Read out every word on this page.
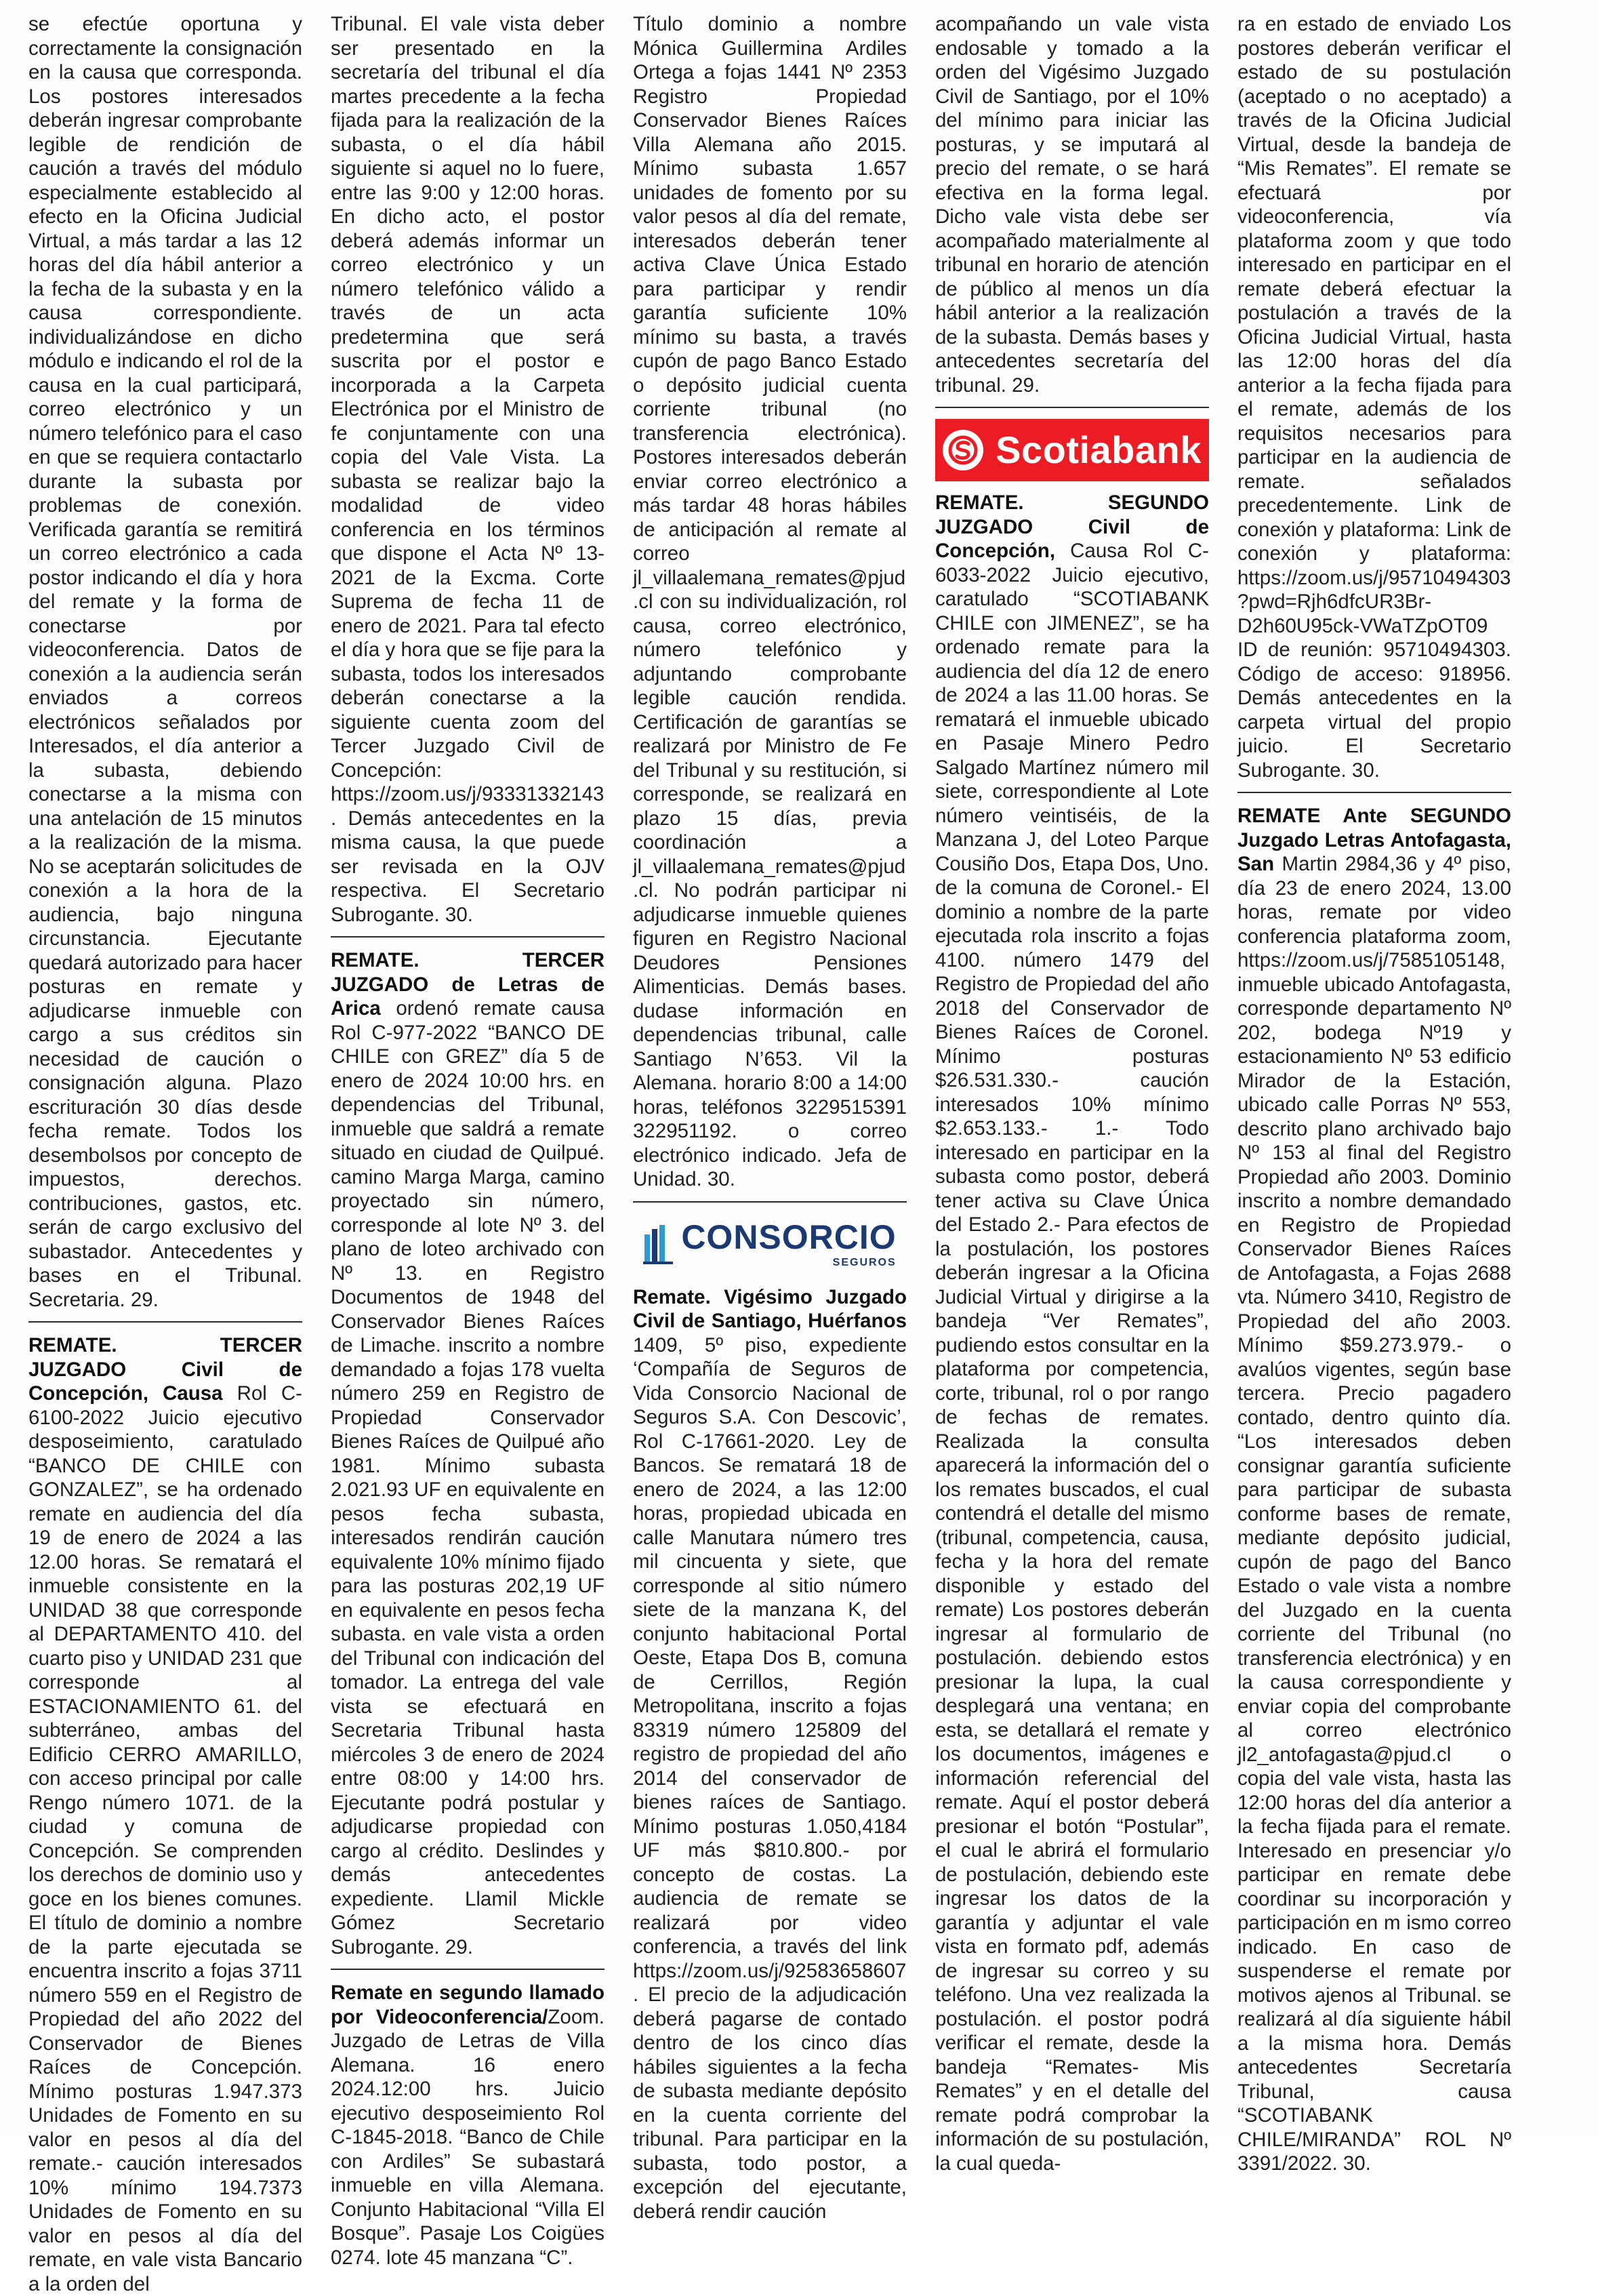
se efectúe oportuna y correctamente la consignación en la causa que corresponda. Los postores interesados deberán ingresar comprobante legible de rendición de caución a través del módulo especialmente establecido al efecto en la Oficina Judicial Virtual, a más tardar a las 12 horas del día hábil anterior a la fecha de la subasta y en la causa correspondiente. individualizándose en dicho módulo e indicando el rol de la causa en la cual participará, correo electrónico y un número telefónico para el caso en que se requiera contactarlo durante la subasta por problemas de conexión. Verificada garantía se remitirá un correo electrónico a cada postor indicando el día y hora del remate y la forma de conectarse por videoconferencia. Datos de conexión a la audiencia serán enviados a correos electrónicos señalados por Interesados, el día anterior a la subasta, debiendo conectarse a la misma con una antelación de 15 minutos a la realización de la misma. No se aceptarán solicitudes de conexión a la hora de la audiencia, bajo ninguna circunstancia. Ejecutante quedará autorizado para hacer posturas en remate y adjudicarse inmueble con cargo a sus créditos sin necesidad de caución o consignación alguna. Plazo escrituración 30 días desde fecha remate. Todos los desembolsos por concepto de impuestos, derechos. contribuciones, gastos, etc. serán de cargo exclusivo del subastador. Antecedentes y bases en el Tribunal. Secretaria. 29.

REMATE. TERCER JUZGADO Civil de Concepción, Causa Rol C-6100-2022 Juicio ejecutivo desposeimiento, caratulado “BANCO DE CHILE con GONZALEZ”, se ha ordenado remate en audiencia del día 19 de enero de 2024 a las 12.00 horas. Se rematará el inmueble consistente en la UNIDAD 38 que corresponde al DEPARTAMENTO 410. del cuarto piso y UNIDAD 231 que corresponde al ESTACIONAMIENTO 61. del subterráneo, ambas del Edificio CERRO AMARILLO, con acceso principal por calle Rengo número 1071. de la ciudad y comuna de Concepción. Se comprenden los derechos de dominio uso y goce en los bienes comunes. El título de dominio a nombre de la parte ejecutada se encuentra inscrito a fojas 3711 número 559 en el Registro de Propiedad del año 2022 del Conservador de Bienes Raíces de Concepción. Mínimo posturas 1.947.373 Unidades de Fomento en su valor en pesos al día del remate.- caución interesados 10% mínimo 194.7373 Unidades de Fomento en su valor en pesos al día del remate, en vale vista Bancario a la orden del

Tribunal. El vale vista deber ser presentado en la secretaría del tribunal el día martes precedente a la fecha fijada para la realización de la subasta, o el día hábil siguiente si aquel no lo fuere, entre las 9:00 y 12:00 horas. En dicho acto, el postor deberá además informar un correo electrónico y un número telefónico válido a través de un acta predetermina que será suscrita por el postor e incorporada a la Carpeta Electrónica por el Ministro de fe conjuntamente con una copia del Vale Vista. La subasta se realizar bajo la modalidad de video conferencia en los términos que dispone el Acta Nº 13-2021 de la Excma. Corte Suprema de fecha 11 de enero de 2021. Para tal efecto el día y hora que se fije para la subasta, todos los interesados deberán conectarse a la siguiente cuenta zoom del Tercer Juzgado Civil de Concepción: https://zoom.us/j/93331332143. Demás antecedentes en la misma causa, la que puede ser revisada en la OJV respectiva. El Secretario Subrogante. 30.

REMATE. TERCER JUZGADO de Letras de Arica ordenó remate causa Rol C-977-2022 “BANCO DE CHILE con GREZ” día 5 de enero de 2024 10:00 hrs. en dependencias del Tribunal, inmueble que saldrá a remate situado en ciudad de Quilpué. camino Marga Marga, camino proyectado sin número, corresponde al lote Nº 3. del plano de loteo archivado con Nº 13. en Registro Documentos de 1948 del Conservador Bienes Raíces de Limache. inscrito a nombre demandado a fojas 178 vuelta número 259 en Registro de Propiedad Conservador Bienes Raíces de Quilpué año 1981. Mínimo subasta 2.021.93 UF en equivalente en pesos fecha subasta, interesados rendirán caución equivalente 10% mínimo fijado para las posturas 202,19 UF en equivalente en pesos fecha subasta. en vale vista a orden del Tribunal con indicación del tomador. La entrega del vale vista se efectuará en Secretaria Tribunal hasta miércoles 3 de enero de 2024 entre 08:00 y 14:00 hrs. Ejecutante podrá postular y adjudicarse propiedad con cargo al crédito. Deslindes y demás antecedentes expediente. Llamil Mickle Gómez Secretario Subrogante. 29.

Remate en segundo llamado por Videoconferencia/Zoom. Juzgado de Letras de Villa Alemana. 16 enero 2024.12:00 hrs. Juicio ejecutivo desposeimiento Rol C-1845-2018. “Banco de Chile con Ardiles” Se subastará inmueble en villa Alemana. Conjunto Habitacional “Villa El Bosque”. Pasaje Los Coigües 0274. lote 45 manzana “C”.

Título dominio a nombre Mónica Guillermina Ardiles Ortega a fojas 1441 Nº 2353 Registro Propiedad Conservador Bienes Raíces Villa Alemana año 2015. Mínimo subasta 1.657 unidades de fomento por su valor pesos al día del remate, interesados deberán tener activa Clave Única Estado para participar y rendir garantía suficiente 10% mínimo su basta, a través cupón de pago Banco Estado o depósito judicial cuenta corriente tribunal (no transferencia electrónica). Postores interesados deberán enviar correo electrónico a más tardar 48 horas hábiles de anticipación al remate al correo jl_villaalemana_remates@pjud.cl con su individualización, rol causa, correo electrónico, número telefónico y adjuntando comprobante legible caución rendida. Certificación de garantías se realizará por Ministro de Fe del Tribunal y su restitución, si corresponde, se realizará en plazo 15 días, previa coordinación a jl_villaalemana_remates@pjud.cl. No podrán participar ni adjudicarse inmueble quienes figuren en Registro Nacional Deudores Pensiones Alimenticias. Demás bases. dudase información en dependencias tribunal, calle Santiago N’653. Vil la Alemana. horario 8:00 a 14:00 horas, teléfonos 3229515391 322951192. o correo electrónico indicado. Jefa de Unidad. 30.

CONSORCIO
SEGUROS

Remate. Vigésimo Juzgado Civil de Santiago, Huérfanos 1409, 5º piso, expediente ‘Compañía de Seguros de Vida Consorcio Nacional de Seguros S.A. Con Descovic’, Rol C-17661-2020. Ley de Bancos. Se rematará 18 de enero de 2024, a las 12:00 horas, propiedad ubicada en calle Manutara número tres mil cincuenta y siete, que corresponde al sitio número siete de la manzana K, del conjunto habitacional Portal Oeste, Etapa Dos B, comuna de Cerrillos, Región Metropolitana, inscrito a fojas 83319 número 125809 del registro de propiedad del año 2014 del conservador de bienes raíces de Santiago. Mínimo posturas 1.050,4184 UF más $810.800.- por concepto de costas. La audiencia de remate se realizará por video conferencia, a través del link https://zoom.us/j/92583658607. El precio de la adjudicación deberá pagarse de contado dentro de los cinco días hábiles siguientes a la fecha de subasta mediante depósito en la cuenta corriente del tribunal. Para participar en la subasta, todo postor, a excepción del ejecutante, deberá rendir caución

acompañando un vale vista endosable y tomado a la orden del Vigésimo Juzgado Civil de Santiago, por el 10% del mínimo para iniciar las posturas, y se imputará al precio del remate, o se hará efectiva en la forma legal. Dicho vale vista debe ser acompañado materialmente al tribunal en horario de atención de público al menos un día hábil anterior a la realización de la subasta. Demás bases y antecedentes secretaría del tribunal. 29.

Scotiabank

REMATE. SEGUNDO JUZGADO Civil de Concepción, Causa Rol C-6033-2022 Juicio ejecutivo, caratulado “SCOTIABANK CHILE con JIMENEZ”, se ha ordenado remate para la audiencia del día 12 de enero de 2024 a las 11.00 horas. Se rematará el inmueble ubicado en Pasaje Minero Pedro Salgado Martínez número mil siete, correspondiente al Lote número veintiséis, de la Manzana J, del Loteo Parque Cousiño Dos, Etapa Dos, Uno. de la comuna de Coronel.- El dominio a nombre de la parte ejecutada rola inscrito a fojas 4100. número 1479 del Registro de Propiedad del año 2018 del Conservador de Bienes Raíces de Coronel. Mínimo posturas $26.531.330.- caución interesados 10% mínimo $2.653.133.- 1.- Todo interesado en participar en la subasta como postor, deberá tener activa su Clave Única del Estado 2.- Para efectos de la postulación, los postores deberán ingresar a la Oficina Judicial Virtual y dirigirse a la bandeja “Ver Remates”, pudiendo estos consultar en la plataforma por competencia, corte, tribunal, rol o por rango de fechas de remates. Realizada la consulta aparecerá la información del o los remates buscados, el cual contendrá el detalle del mismo (tribunal, competencia, causa, fecha y la hora del remate disponible y estado del remate) Los postores deberán ingresar al formulario de postulación. debiendo estos presionar la lupa, la cual desplegará una ventana; en esta, se detallará el remate y los documentos, imágenes e información referencial del remate. Aquí el postor deberá presionar el botón “Postular”, el cual le abrirá el formulario de postulación, debiendo este ingresar los datos de la garantía y adjuntar el vale vista en formato pdf, además de ingresar su correo y su teléfono. Una vez realizada la postulación. el postor podrá verificar el remate, desde la bandeja “Remates- Mis Remates” y en el detalle del remate podrá comprobar la información de su postulación, la cual queda-

ra en estado de enviado Los postores deberán verificar el estado de su postulación (aceptado o no aceptado) a través de la Oficina Judicial Virtual, desde la bandeja de “Mis Remates”. El remate se efectuará por videoconferencia, vía plataforma zoom y que todo interesado en participar en el remate deberá efectuar la postulación a través de la Oficina Judicial Virtual, hasta las 12:00 horas del día anterior a la fecha fijada para el remate, además de los requisitos necesarios para participar en la audiencia de remate. señalados precedentemente. Link de conexión y plataforma: Link de conexión y plataforma: https://zoom.us/j/95710494303?pwd=Rjh6dfcUR3Br-D2h60U95ck-VWaTZpOT09 ID de reunión: 95710494303. Código de acceso: 918956. Demás antecedentes en la carpeta virtual del propio juicio. El Secretario Subrogante. 30.

REMATE Ante SEGUNDO Juzgado Letras Antofagasta, San Martin 2984,36 y 4º piso, día 23 de enero 2024, 13.00 horas, remate por video conferencia plataforma zoom, https://zoom.us/j/7585105148, inmueble ubicado Antofagasta, corresponde departamento Nº 202, bodega Nº19 y estacionamiento Nº 53 edificio Mirador de la Estación, ubicado calle Porras Nº 553, descrito plano archivado bajo Nº 153 al final del Registro Propiedad año 2003. Dominio inscrito a nombre demandado en Registro de Propiedad Conservador Bienes Raíces de Antofagasta, a Fojas 2688 vta. Número 3410, Registro de Propiedad del año 2003. Mínimo $59.273.979.- o avalúos vigentes, según base tercera. Precio pagadero contado, dentro quinto día. “Los interesados deben consignar garantía suficiente para participar de subasta conforme bases de remate, mediante depósito judicial, cupón de pago del Banco Estado o vale vista a nombre del Juzgado en la cuenta corriente del Tribunal (no transferencia electrónica) y en la causa correspondiente y enviar copia del comprobante al correo electrónico jl2_antofagasta@pjud.cl o copia del vale vista, hasta las 12:00 horas del día anterior a la fecha fijada para el remate. Interesado en presenciar y/o participar en remate debe coordinar su incorporación y participación en m ismo correo indicado. En caso de suspenderse el remate por motivos ajenos al Tribunal. se realizará al día siguiente hábil a la misma hora. Demás antecedentes Secretaría Tribunal, causa “SCOTIABANK CHILE/MIRANDA” ROL Nº 3391/2022. 30.
